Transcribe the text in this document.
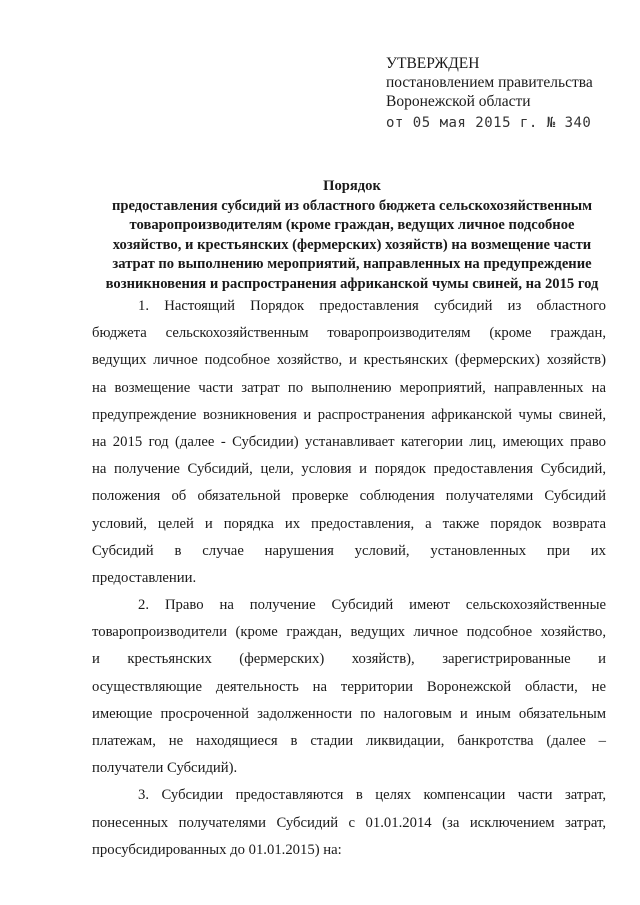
УТВЕРЖДЕН
постановлением правительства
Воронежской области
от 05 мая 2015 г. № 340
Порядок
предоставления субсидий из областного бюджета сельскохозяйственным
товаропроизводителям (кроме граждан, ведущих личное подсобное
хозяйство, и крестьянских (фермерских) хозяйств) на возмещение части
затрат по выполнению мероприятий, направленных на предупреждение
возникновения и распространения африканской чумы свиней, на 2015 год
1. Настоящий Порядок предоставления субсидий из областного
бюджета сельскохозяйственным товаропроизводителям (кроме граждан,
ведущих личное подсобное хозяйство, и крестьянских (фермерских) хозяйств)
на возмещение части затрат по выполнению мероприятий, направленных на
предупреждение возникновения и распространения африканской чумы свиней,
на 2015 год (далее - Субсидии) устанавливает категории лиц, имеющих право
на получение Субсидий, цели, условия и порядок предоставления Субсидий,
положения об обязательной проверке соблюдения получателями Субсидий
условий, целей и порядка их предоставления, а также порядок возврата
Субсидий в случае нарушения условий, установленных при их
предоставлении.
2. Право на получение Субсидий имеют сельскохозяйственные
товаропроизводители (кроме граждан, ведущих личное подсобное хозяйство,
и крестьянских (фермерских) хозяйств), зарегистрированные и
осуществляющие деятельность на территории Воронежской области, не
имеющие просроченной задолженности по налоговым и иным обязательным
платежам, не находящиеся в стадии ликвидации, банкротства (далее –
получатели Субсидий).
3. Субсидии предоставляются в целях компенсации части затрат,
понесенных получателями Субсидий с 01.01.2014 (за исключением затрат,
просубсидированных до 01.01.2015) на:
